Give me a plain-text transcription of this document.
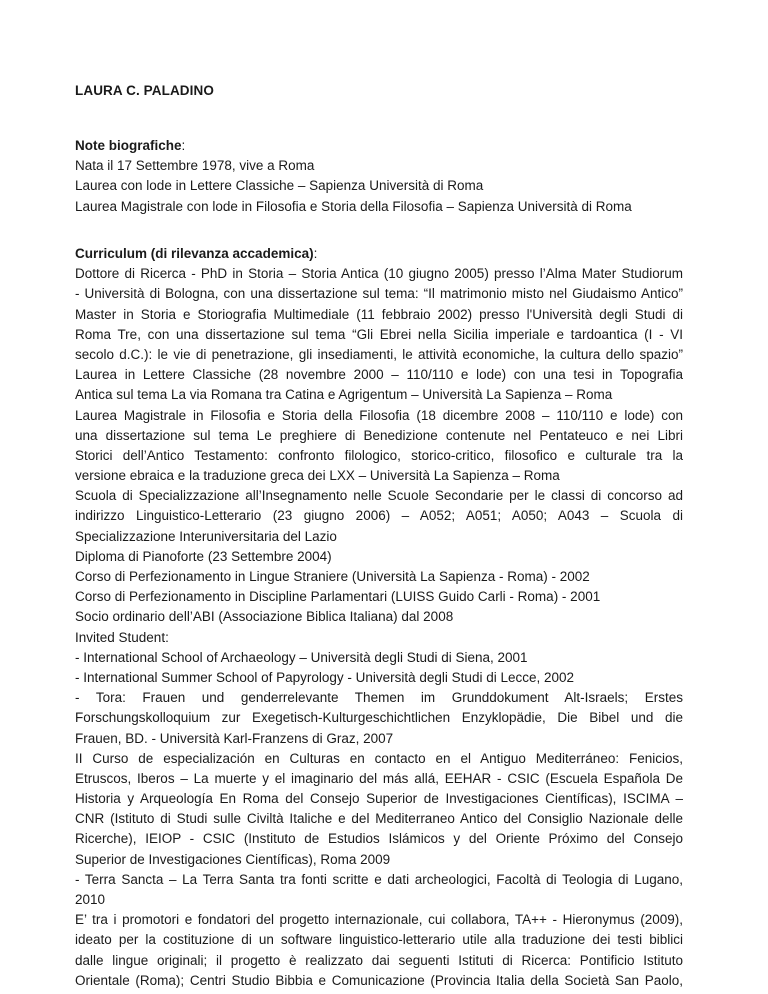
LAURA C. PALADINO
Note biografiche:
Nata il 17 Settembre 1978, vive a Roma
Laurea con lode in Lettere Classiche – Sapienza Università di Roma
Laurea Magistrale con lode in Filosofia e Storia della Filosofia – Sapienza Università di Roma
Curriculum (di rilevanza accademica):
Dottore di Ricerca - PhD in Storia – Storia Antica (10 giugno 2005) presso l’Alma Mater Studiorum
- Università di Bologna, con una dissertazione sul tema: “Il matrimonio misto nel Giudaismo Antico”
Master in Storia e Storiografia Multimediale (11 febbraio 2002) presso l'Università degli Studi di
Roma Tre, con una dissertazione sul tema “Gli Ebrei nella Sicilia imperiale e tardoantica (I - VI
secolo d.C.): le vie di penetrazione, gli insediamenti, le attività economiche, la cultura dello spazio”
Laurea in Lettere Classiche (28 novembre 2000 – 110/110 e lode) con una tesi in Topografia
Antica sul tema La via Romana tra Catina e Agrigentum – Università La Sapienza – Roma
Laurea Magistrale in Filosofia e Storia della Filosofia (18 dicembre 2008 – 110/110 e lode) con
una dissertazione sul tema Le preghiere di Benedizione contenute nel Pentateuco e nei Libri
Storici dell’Antico Testamento: confronto filologico, storico-critico, filosofico e culturale tra la
versione ebraica e la traduzione greca dei LXX – Università La Sapienza – Roma
Scuola di Specializzazione all’Insegnamento nelle Scuole Secondarie per le classi di concorso ad
indirizzo Linguistico-Letterario (23 giugno 2006) – A052; A051; A050; A043 – Scuola di
Specializzazione Interuniversitaria del Lazio
Diploma di Pianoforte (23 Settembre 2004)
Corso di Perfezionamento in Lingue Straniere (Università La Sapienza - Roma) - 2002
Corso di Perfezionamento in Discipline Parlamentari (LUISS Guido Carli - Roma) - 2001
Socio ordinario dell’ABI (Associazione Biblica Italiana) dal 2008
Invited Student:
- International School of Archaeology – Università degli Studi di Siena, 2001
- International Summer School of Papyrology - Università degli Studi di Lecce, 2002
- Tora: Frauen und genderrelevante Themen im Grunddokument Alt-Israels; Erstes
Forschungskolloquium zur Exegetisch-Kulturgeschichtlichen Enzyklopädie, Die Bibel und die
Frauen, BD. - Università Karl-Franzens di Graz, 2007
II Curso de especialización en Culturas en contacto en el Antiguo Mediterráneo: Fenicios,
Etruscos, Iberos – La muerte y el imaginario del más allá, EEHAR - CSIC (Escuela Española De
Historia y Arqueología En Roma del Consejo Superior de Investigaciones Científicas), ISCIMA –
CNR (Istituto di Studi sulle Civiltà Italiche e del Mediterraneo Antico del Consiglio Nazionale delle
Ricerche), IEIOP - CSIC (Instituto de Estudios Islámicos y del Oriente Próximo del Consejo
Superior de Investigaciones Científicas), Roma 2009
- Terra Sancta – La Terra Santa tra fonti scritte e dati archeologici, Facoltà di Teologia di Lugano,
2010
E’ tra i promotori e fondatori del progetto internazionale, cui collabora, TA++ - Hieronymus (2009),
ideato per la costituzione di un software linguistico-letterario utile alla traduzione dei testi biblici
dalle lingue originali; il progetto è realizzato dai seguenti Istituti di Ricerca: Pontificio Istituto
Orientale (Roma); Centri Studio Bibbia e Comunicazione (Provincia Italia della Società San Paolo,
